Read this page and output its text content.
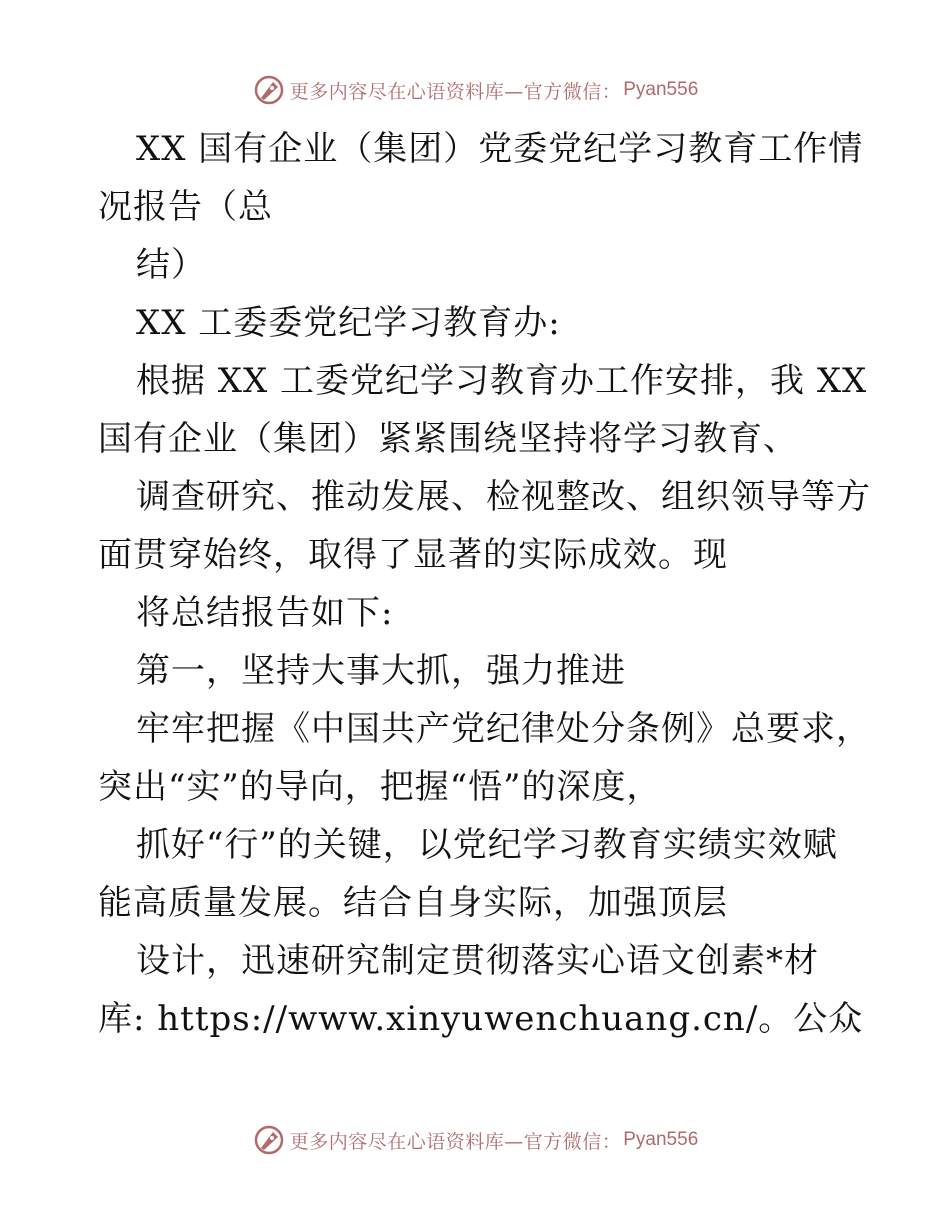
更多内容尽在心语资料库—官方微信： Pyan556
XX 国有企业（集团）党委党纪学习教育工作情
况报告（总
结）
XX 工委委党纪学习教育办:
根据 XX 工委党纪学习教育办工作安排，我 XX
国有企业（集团）紧紧围绕坚持将学习教育、
调查研究、推动发展、检视整改、组织领导等方
面贯穿始终，取得了显著的实际成效。现
将总结报告如下:
第一，坚持大事大抓，强力推进
牢牢把握《中国共产党纪律处分条例》总要求，
突出“实”的导向，把握“悟”的深度，
抓好“行”的关键，以党纪学习教育实绩实效赋
能高质量发展。结合自身实际，加强顶层
设计，迅速研究制定贯彻落实心语文创素*材
库: https://www.xinyuwenchuang.cn/。公众
更多内容尽在心语资料库—官方微信： Pyan556
